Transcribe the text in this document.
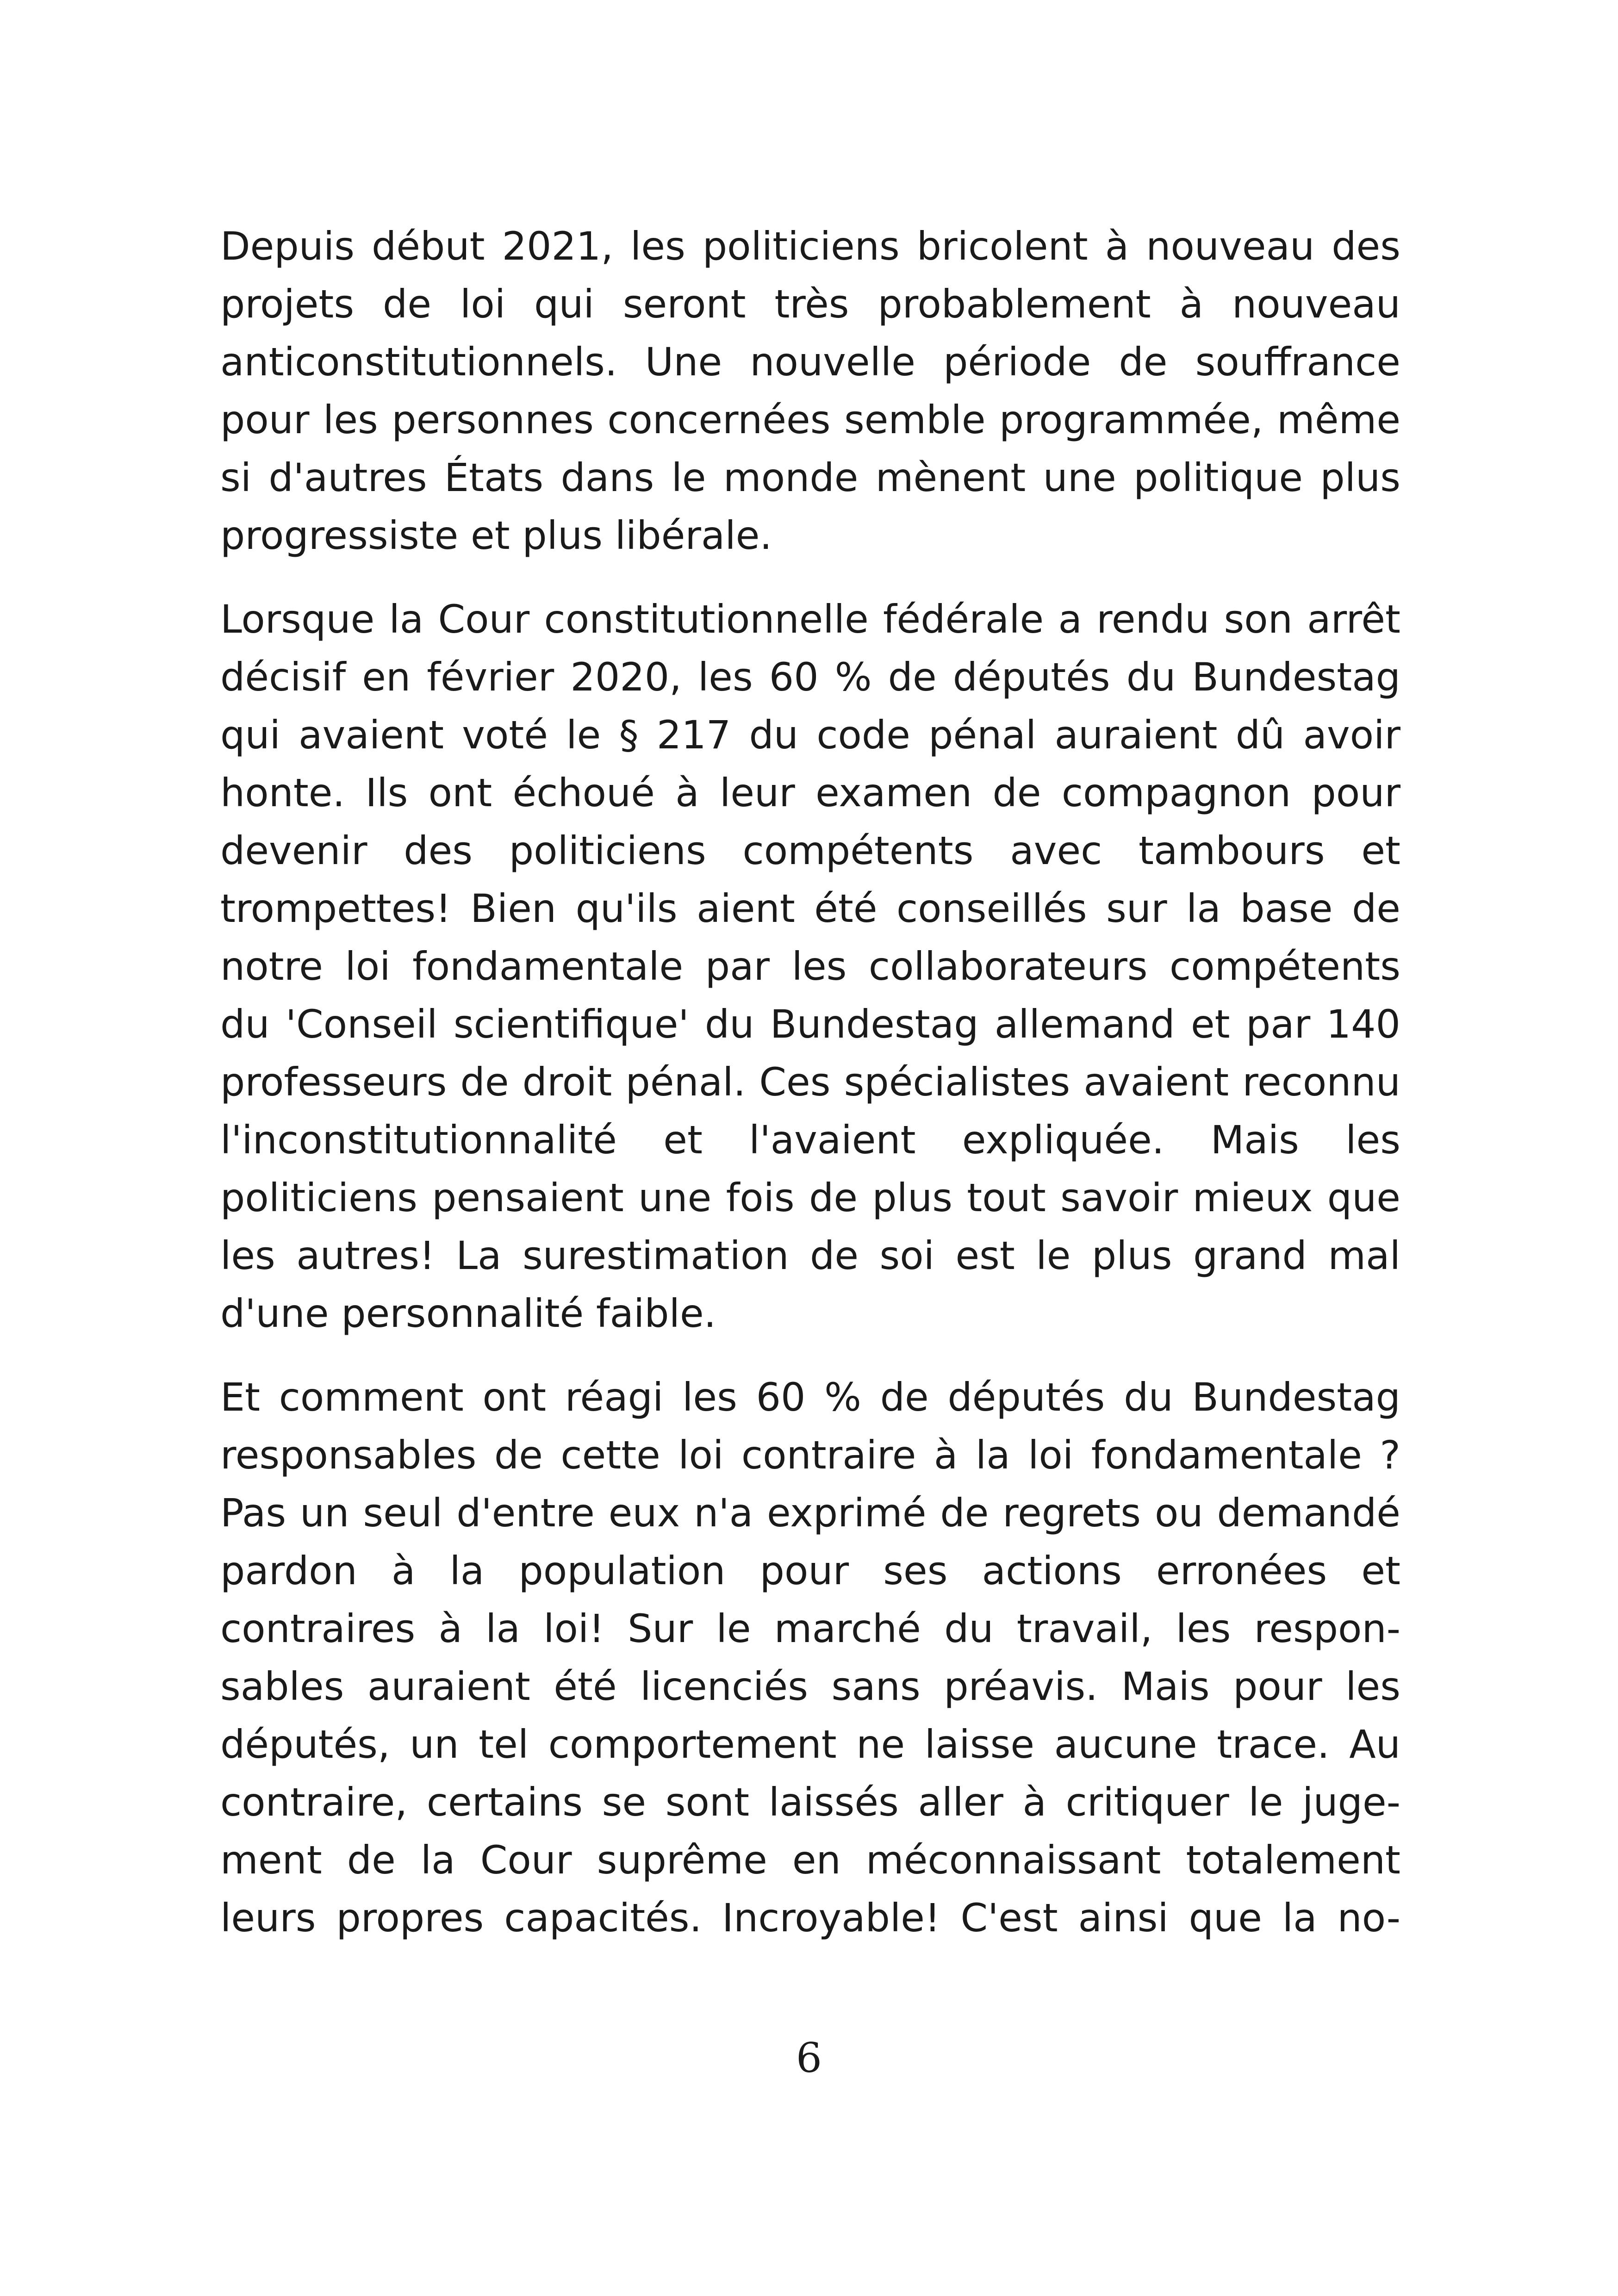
Depuis début 2021, les politiciens bricolent à nouveau des projets de loi qui seront très probablement à nouveau anticonstitutionnels. Une nouvelle période de souffrance pour les personnes concernées semble programmée, même si d'autres États dans le monde mènent une politique plus progressiste et plus libérale.

Lorsque la Cour constitutionnelle fédérale a rendu son arrêt décisif en février 2020, les 60 % de députés du Bundestag qui avaient voté le § 217 du code pénal auraient dû avoir honte. Ils ont échoué à leur examen de compagnon pour devenir des politiciens compétents avec tambours et trompettes! Bien qu'ils aient été conseillés sur la base de notre loi fondamentale par les collaborateurs compétents du 'Conseil scientifique' du Bundestag allemand et par 140 professeurs de droit pénal. Ces spécialistes avaient reconnu l'inconstitutionnalité et l'avaient expliquée. Mais les politiciens pensaient une fois de plus tout savoir mieux que les autres! La surestimation de soi est le plus grand mal d'une personnalité faible.

Et comment ont réagi les 60 % de députés du Bundestag responsables de cette loi contraire à la loi fondamentale ? Pas un seul d'entre eux n'a exprimé de regrets ou demandé pardon à la population pour ses actions erronées et contraires à la loi! Sur le marché du travail, les responsables auraient été licenciés sans préavis. Mais pour les députés, un tel comportement ne laisse aucune trace. Au contraire, certains se sont laissés aller à critiquer le jugement de la Cour suprême en méconnaissant totalement leurs propres capacités. Incroyable! C'est ainsi que la no-

6
